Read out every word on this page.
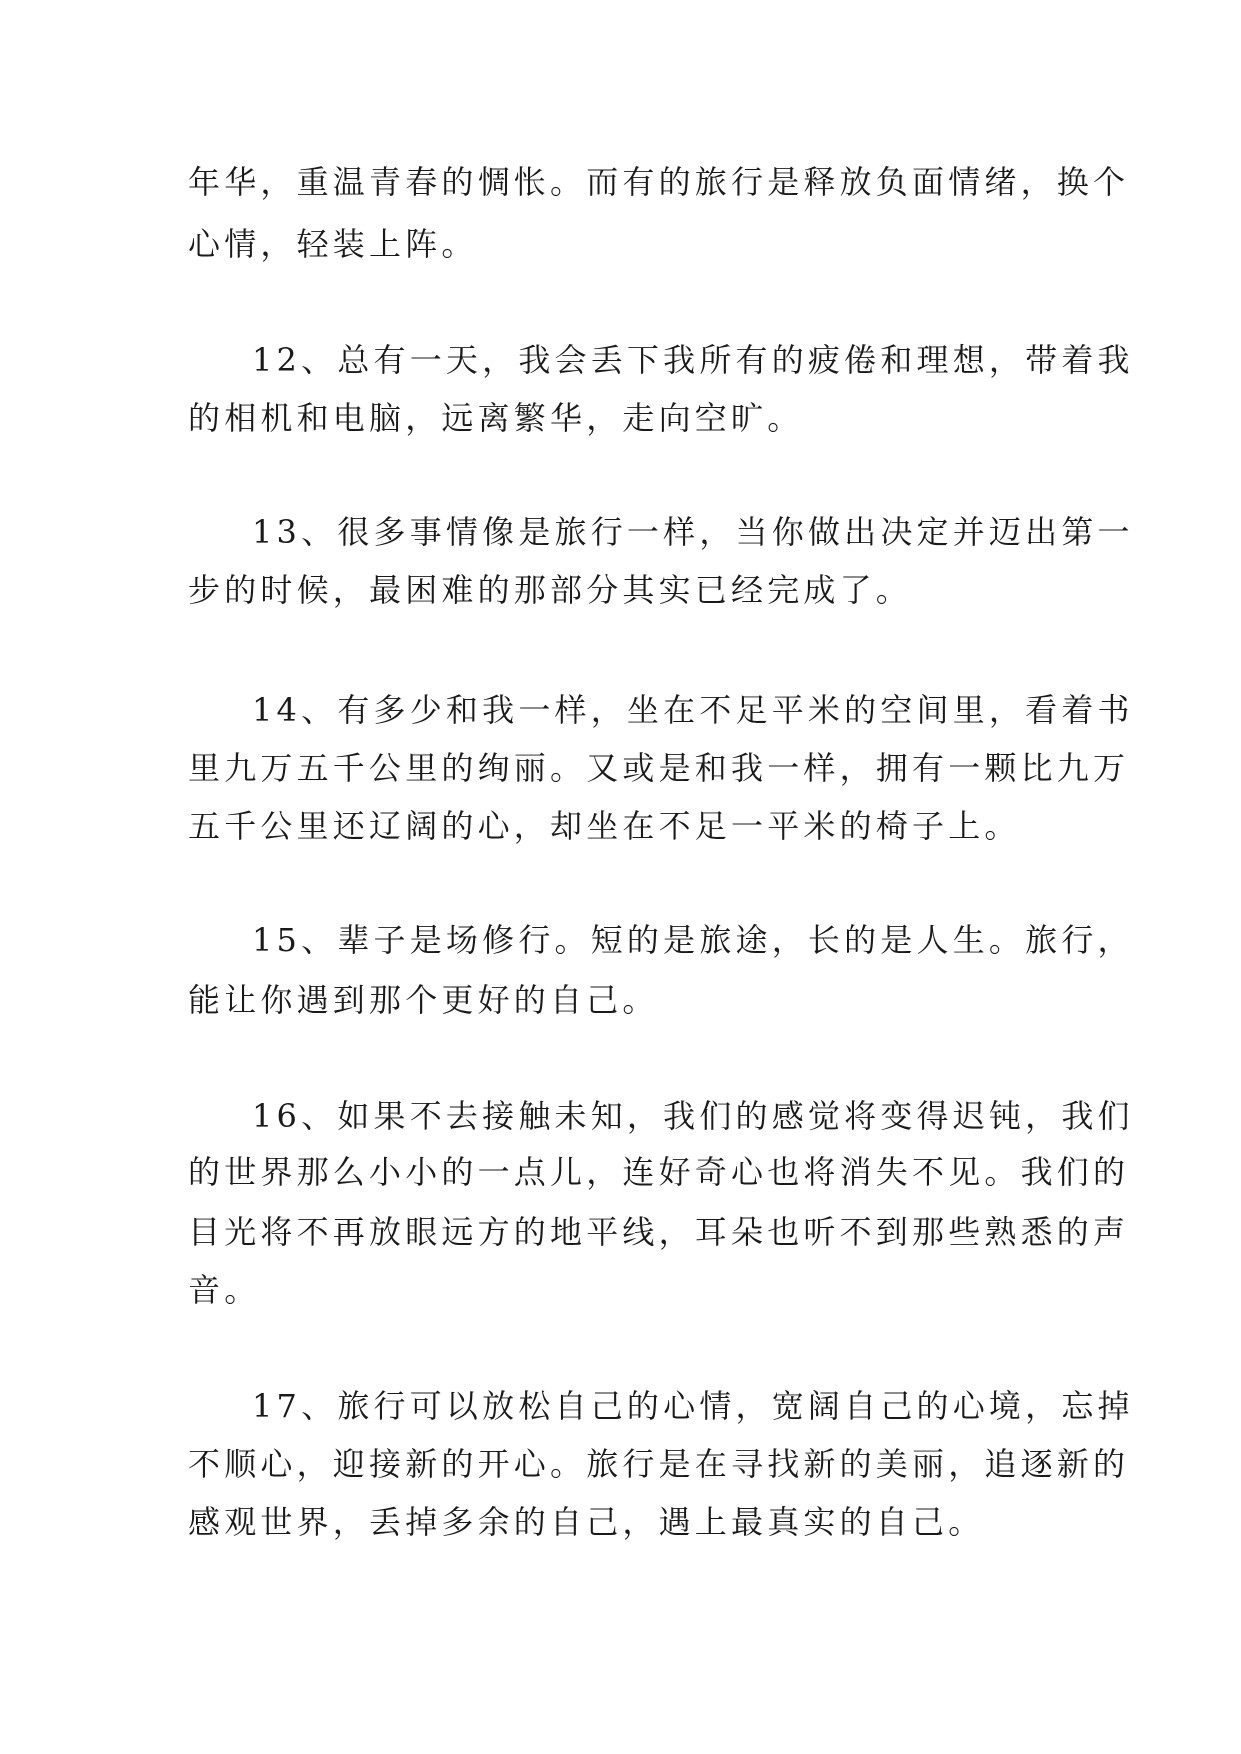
年华，重温青春的惆怅。而有的旅行是释放负面情绪，换个

心情，轻装上阵。

12、总有一天，我会丢下我所有的疲倦和理想，带着我

的相机和电脑，远离繁华，走向空旷。

13、很多事情像是旅行一样，当你做出决定并迈出第一

步的时候，最困难的那部分其实已经完成了。

14、有多少和我一样，坐在不足平米的空间里，看着书

里九万五千公里的绚丽。又或是和我一样，拥有一颗比九万

五千公里还辽阔的心，却坐在不足一平米的椅子上。

15、辈子是场修行。短的是旅途，长的是人生。旅行，

能让你遇到那个更好的自己。

16、如果不去接触未知，我们的感觉将变得迟钝，我们

的世界那么小小的一点儿，连好奇心也将消失不见。我们的

目光将不再放眼远方的地平线，耳朵也听不到那些熟悉的声

音。

17、旅行可以放松自己的心情，宽阔自己的心境，忘掉

不顺心，迎接新的开心。旅行是在寻找新的美丽，追逐新的

感观世界，丢掉多余的自己，遇上最真实的自己。
